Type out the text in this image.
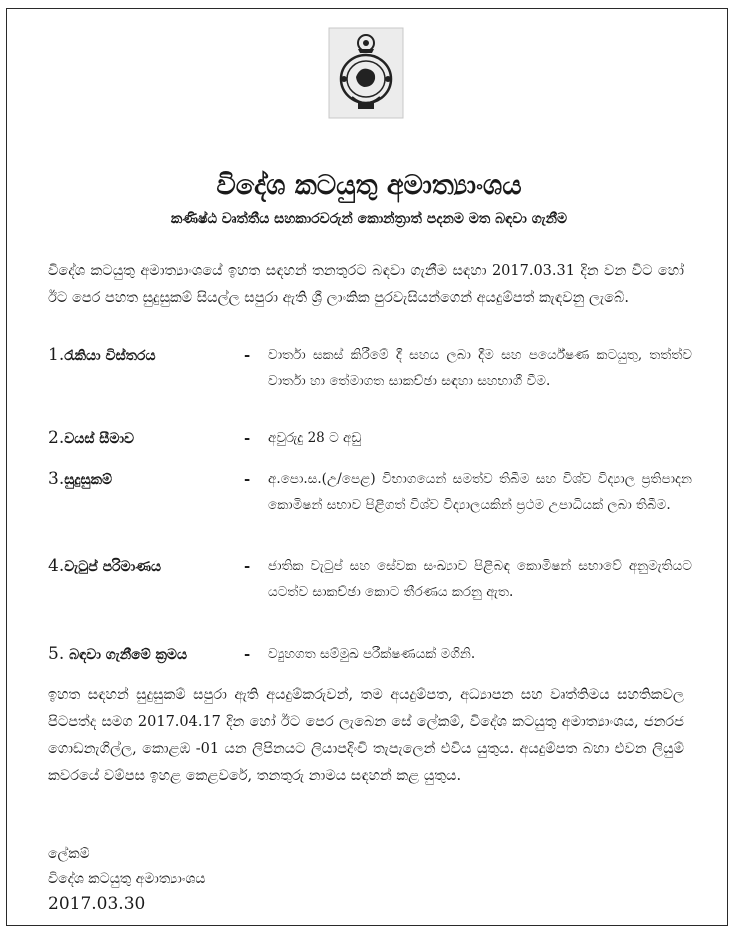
විදේශ කටයුතු අමාත්‍යාංශය
කණිෂ්ඨ වෘත්තීය සහකාරවරුන් කොන්ත්‍රාත් පදනම මත බඳවා ගැනීම
විදේශ කටයුතු අමාත්‍යාංශයේ ඉහත සඳහන් තනතුරට බඳවා ගැනීම සඳහා 2017.03.31 දින වන විට හෝ ඊට පෙර පහත සුදුසුකම් සියල්ල සපුරා ඇති ශ්‍රී ලාංකික පුරවැසියන්ගෙන් අයදුම්පත් කැඳවනු ලැබේ.
1.රැකියා විස්තරය	- වාර්තා සකස් කිරීමේ දී සහය ලබා දීම සහ පර්යේෂණ කටයුතු, තත්ත්ව වාර්තා හා තේමාගත සාකච්ඡා සඳහා සහභාගී වීම.
2.වයස් සීමාව	- අවුරුදු 28 ට අඩු
3.සුදුසුකම්	- අ.පො.ස.(උ/පෙළ) විභාගයෙන් සමත්ව තිබීම සහ විශ්ව විද්‍යාල ප්‍රතිපාදන කොමිෂන් සභාව පිළිගත් විශ්ව විද්‍යාලයකින් ප්‍රථම උපාධියක් ලබා තිබීම.
4.වැටුප් පරිමාණය	- ජාතික වැටුප් සහ සේවක සංඛ්‍යාව පිළිබඳ කොමිෂන් සභාවේ අනුමැතියට යටත්ව සාකච්ඡා කොට තීරණය කරනු ඇත.
5. බඳවා ගැනීමේ ක්‍රමය	- ව්‍යුහගත සම්මුඛ පරීක්ෂණයක් මගිනි.
ඉහත සඳහන් සුදුසුකම් සපුරා ඇති අයදුම්කරුවන්, තම අයදුම්පත, අධ්‍යාපන සහ වෘත්තිමය සහතිකවල පිටපත්ද සමග 2017.04.17 දින හෝ ඊට පෙර ලැබෙන සේ ලේකම්, විදේශ කටයුතු අමාත්‍යාංශය, ජනරජ ගොඩනැගිල්ල, කොළඹ -01 යන ලිපිනයට ලියාපදිංචි තැපැලෙන් එවිය යුතුය. අයදුම්පත බහා එවන ලියුම් කවරයේ වම්පස ඉහළ කෙළවරේ, තනතුරු නාමය සඳහන් කළ යුතුය.
ලේකම්
විදේශ කටයුතු අමාත්‍යාංශය
2017.03.30
